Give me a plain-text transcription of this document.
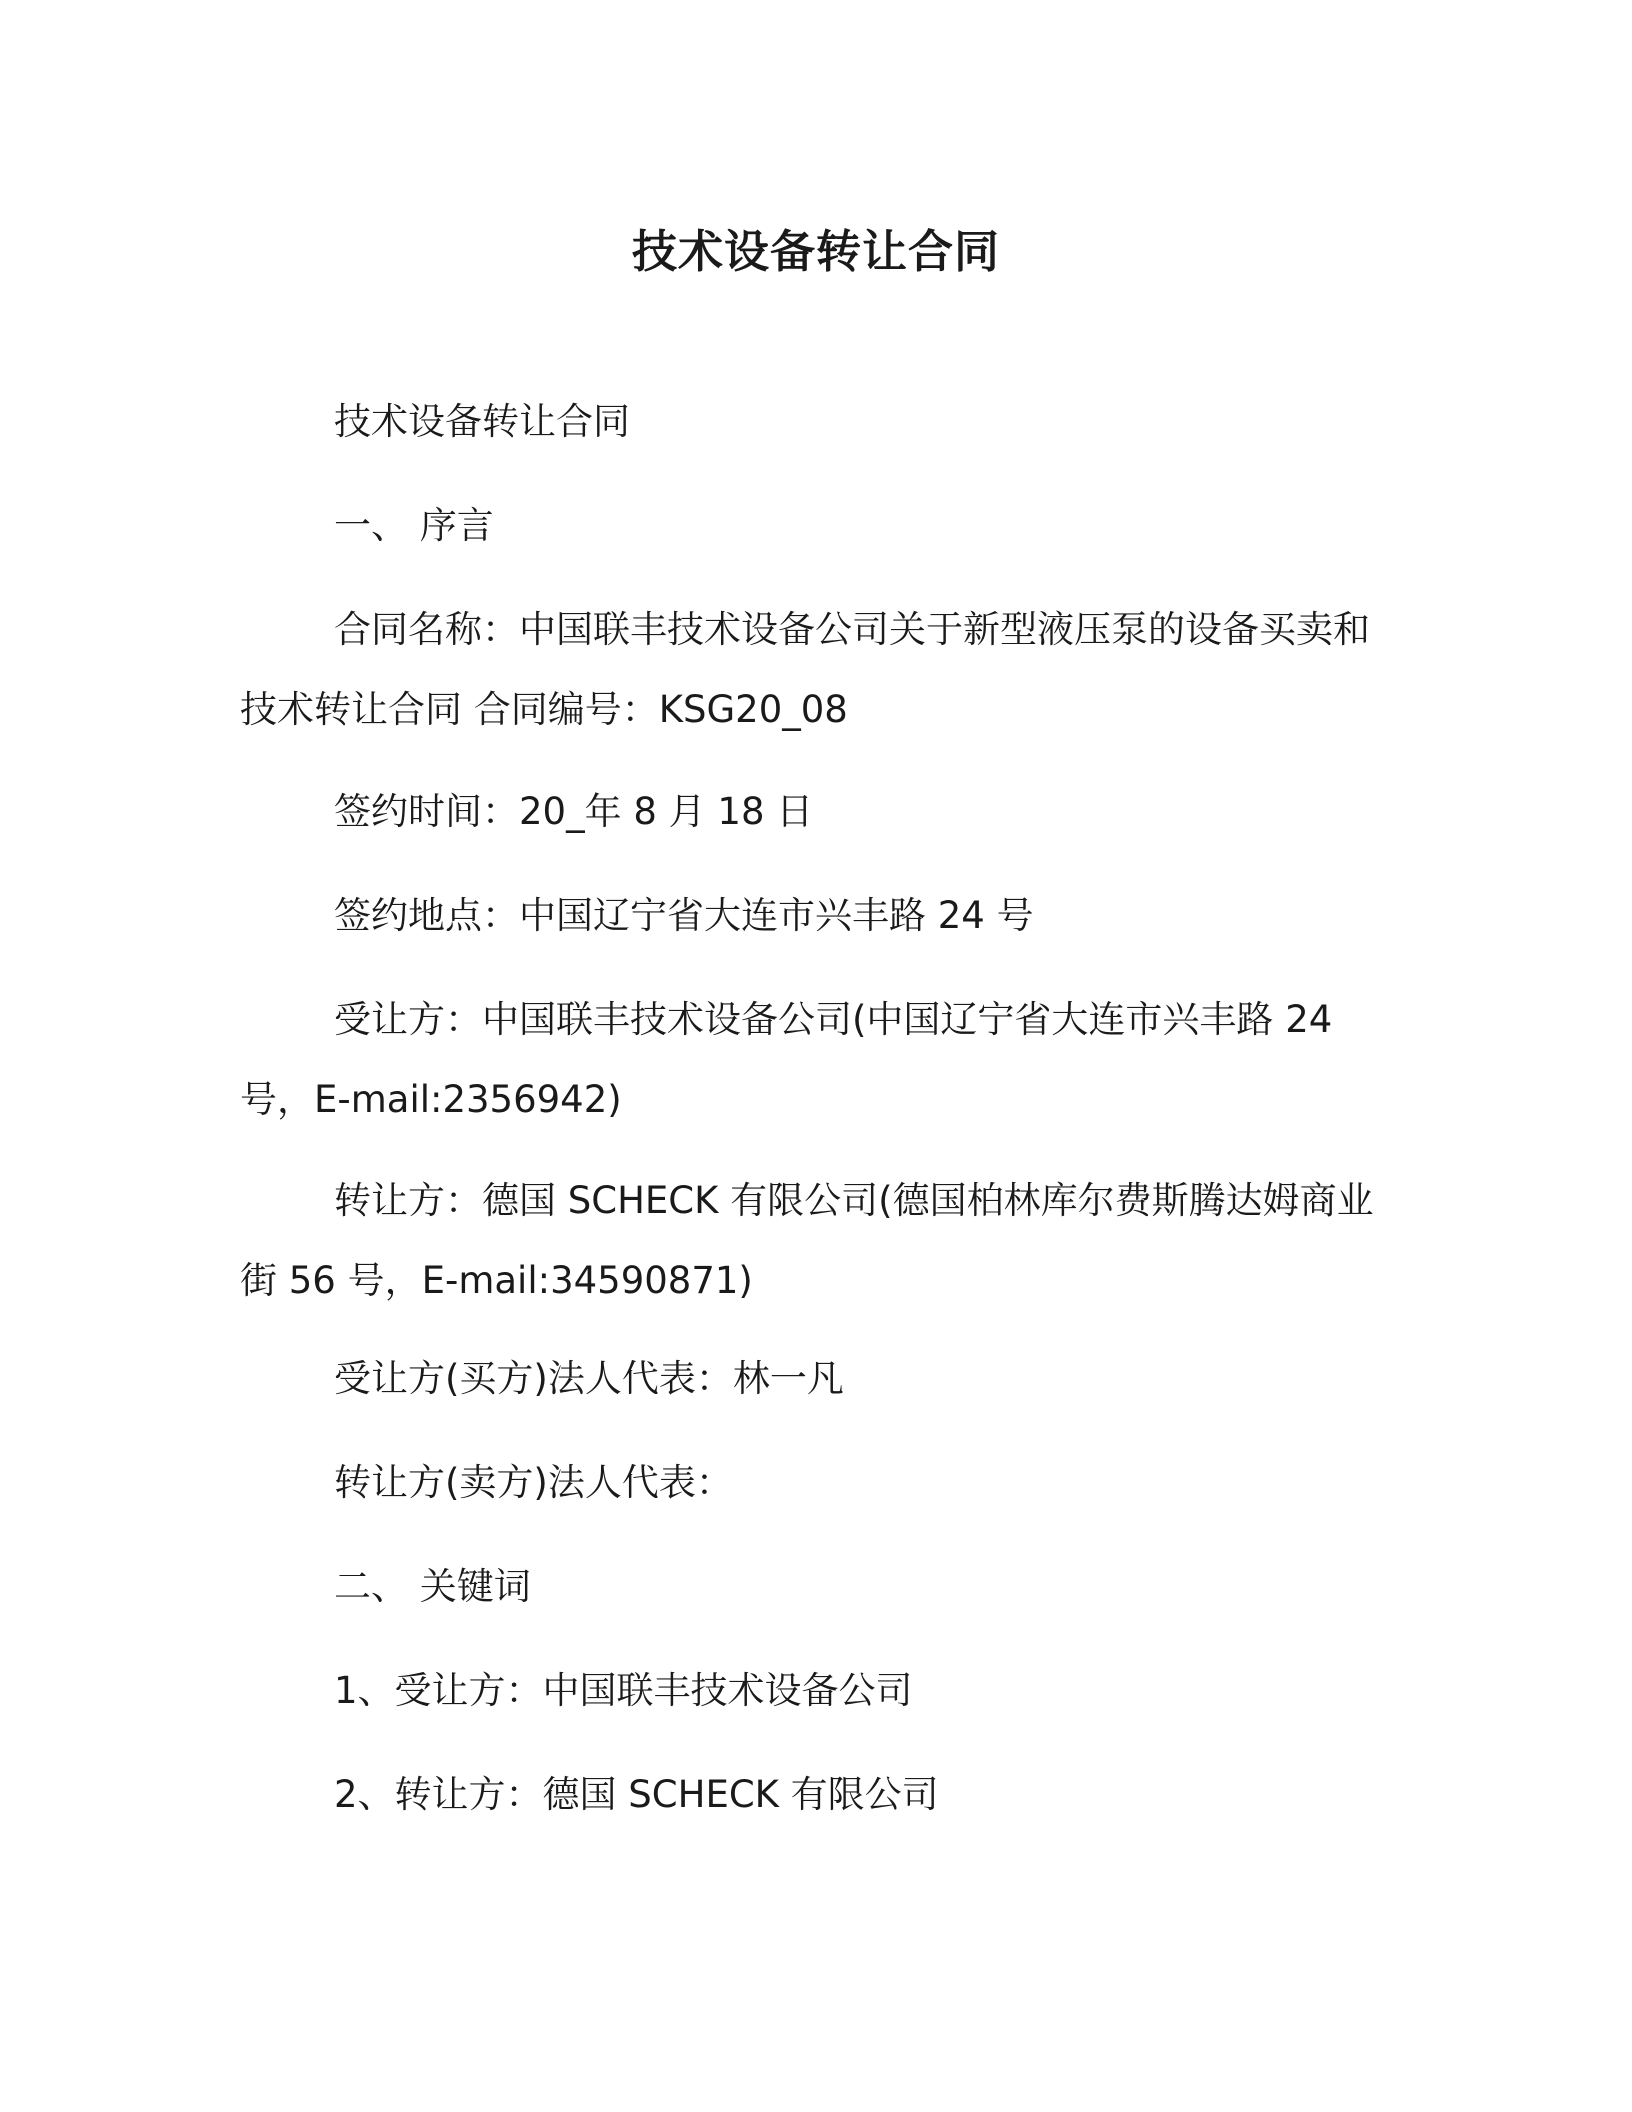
技术设备转让合同
技术设备转让合同
一、 序言
合同名称：中国联丰技术设备公司关于新型液压泵的设备买卖和技术转让合同 合同编号：KSG20_08
签约时间：20_年 8 月 18 日
签约地点：中国辽宁省大连市兴丰路 24 号
受让方：中国联丰技术设备公司(中国辽宁省大连市兴丰路 24 号，E-mail:2356942)
转让方：德国 SCHECK 有限公司(德国柏林库尔费斯腾达姆商业街 56 号，E-mail:34590871)
受让方(买方)法人代表：林一凡
转让方(卖方)法人代表：
二、 关键词
1、受让方：中国联丰技术设备公司
2、转让方：德国 SCHECK 有限公司
